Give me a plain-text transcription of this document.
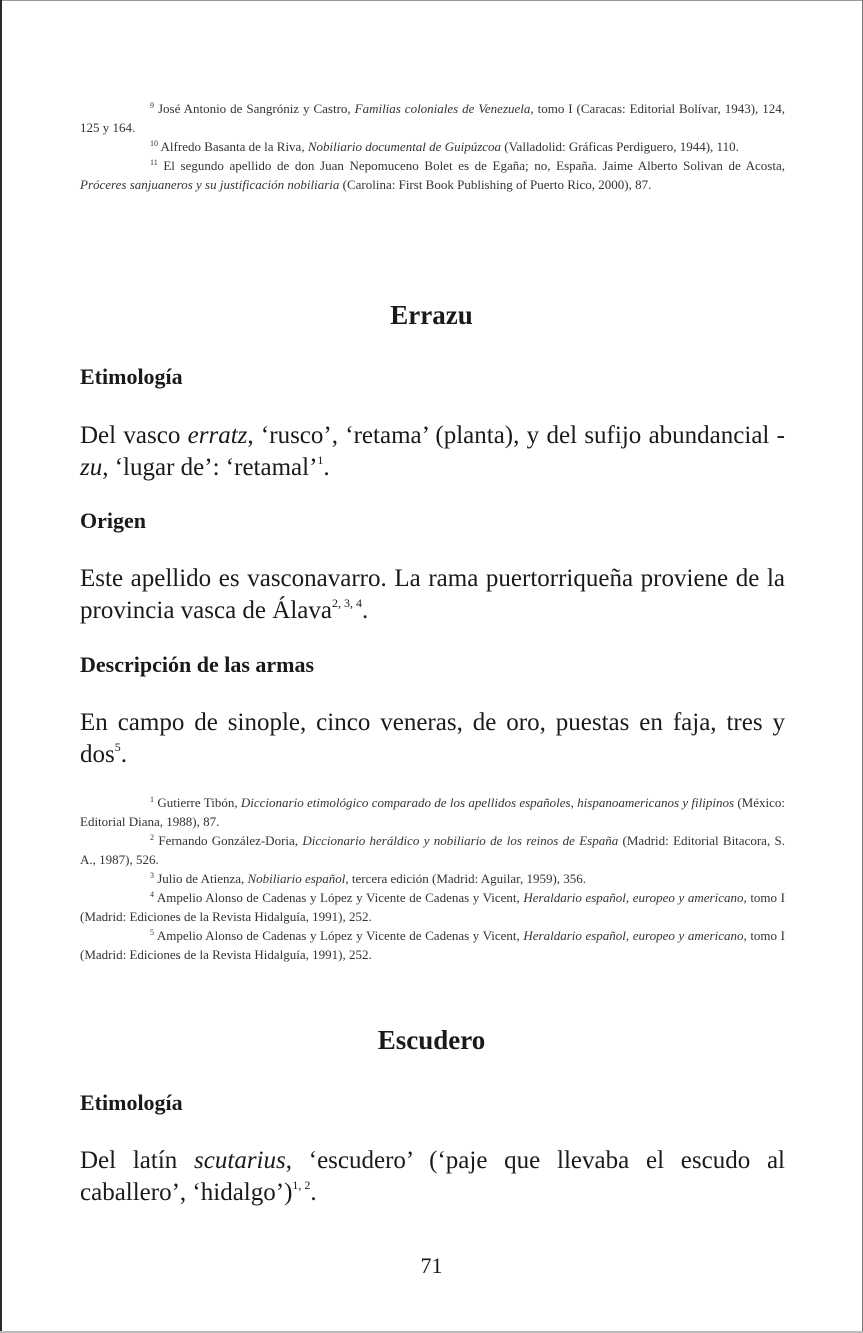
$^9$ José Antonio de Sangróniz y Castro, Familias coloniales de Venezuela, tomo I (Caracas: Editorial Bolívar, 1943), 124, 125 y 164.

$^{10}$ Alfredo Basanta de la Riva, Nobiliario documental de Guipúzcoa (Valladolid: Gráficas Perdiguero, 1944), 110.

$^{11}$ El segundo apellido de don Juan Nepomuceno Bolet es de Egaña; no, España. Jaime Alberto Solivan de Acosta, Próceres sanjuaneros y su justificación nobiliaria (Carolina: First Book Publishing of Puerto Rico, 2000), 87.

Errazu
Etimología

Del vasco erratz, ‘rusco’, ‘retama’ (planta), y del sufijo abundancial -zu, ‘lugar de’: ‘retamal’$^1$.

Origen

Este apellido es vasconavarro. La rama puertorriqueña proviene de la provincia vasca de Álava$^{2, 3, 4}$.

Descripción de las armas

En campo de sinople, cinco veneras, de oro, puestas en faja, tres y dos$^5$.

$^1$ Gutierre Tibón, Diccionario etimológico comparado de los apellidos españoles, hispanoamericanos y filipinos (México: Editorial Diana, 1988), 87.

$^2$ Fernando González-Doria, Diccionario heráldico y nobiliario de los reinos de España (Madrid: Editorial Bitacora, S. A., 1987), 526.

$^3$ Julio de Atienza, Nobiliario español, tercera edición (Madrid: Aguilar, 1959), 356.

$^4$ Ampelio Alonso de Cadenas y López y Vicente de Cadenas y Vicent, Heraldario español, europeo y americano, tomo I (Madrid: Ediciones de la Revista Hidalguía, 1991), 252.

$^5$ Ampelio Alonso de Cadenas y López y Vicente de Cadenas y Vicent, Heraldario español, europeo y americano, tomo I (Madrid: Ediciones de la Revista Hidalguía, 1991), 252.

Escudero
Etimología

Del latín scutarius, ‘escudero’ (‘paje que llevaba el escudo al caballero’, ‘hidalgo’)$^{1, 2}$.

71
